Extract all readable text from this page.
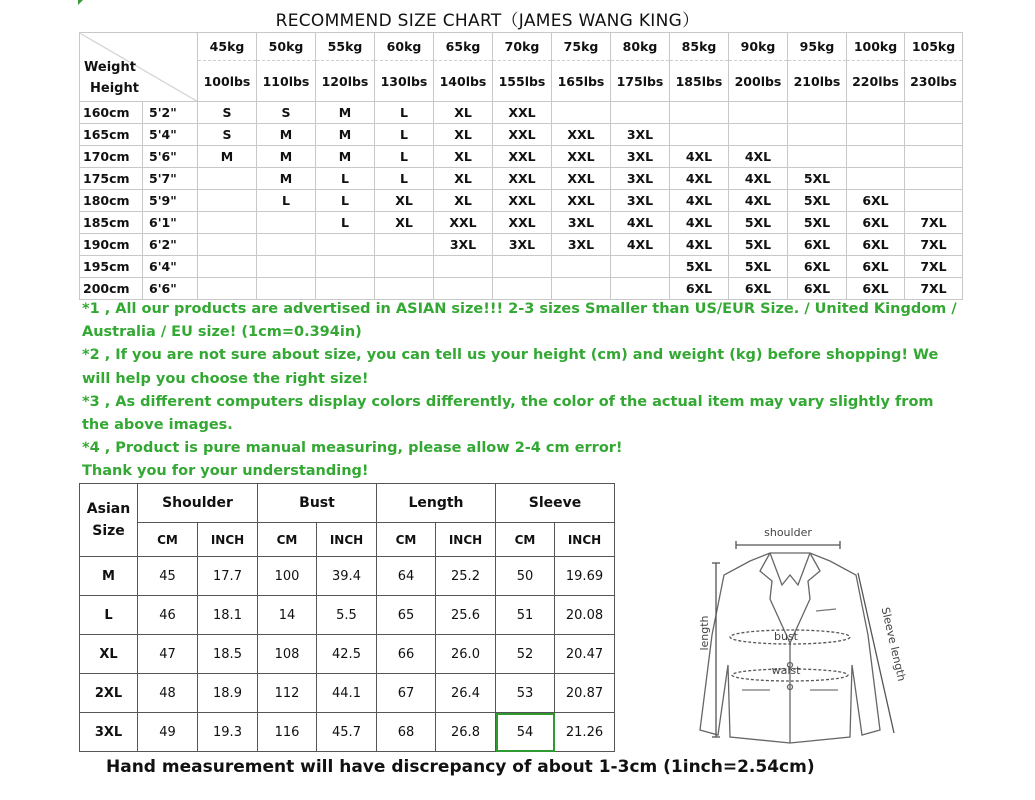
RECOMMEND SIZE CHART（JAMES WANG KING）
Weight
Height		45kg	50kg	55kg	60kg	65kg	70kg	75kg	80kg	85kg	90kg	95kg	100kg	105kg
		100lbs	110lbs	120lbs	130lbs	140lbs	155lbs	165lbs	175lbs	185lbs	200lbs	210lbs	220lbs	230lbs
160cm	5'2"	S	S	M	L	XL	XXL							
165cm	5'4"	S	M	M	L	XL	XXL	XXL	3XL					
170cm	5'6"	M	M	M	L	XL	XXL	XXL	3XL	4XL	4XL			
175cm	5'7"		M	L	L	XL	XXL	XXL	3XL	4XL	4XL	5XL		
180cm	5'9"		L	L	XL	XL	XXL	XXL	3XL	4XL	4XL	5XL	6XL	
185cm	6'1"			L	XL	XXL	XXL	3XL	4XL	4XL	5XL	5XL	6XL	7XL
190cm	6'2"					3XL	3XL	3XL	4XL	4XL	5XL	6XL	6XL	7XL
195cm	6'4"									5XL	5XL	6XL	6XL	7XL
200cm	6'6"									6XL	6XL	6XL	6XL	7XL

*1 , All our products are advertised in ASIAN size!!! 2-3 sizes Smaller than US/EUR Size. / United Kingdom / Australia / EU size! (1cm=0.394in)

*2 , If you are not sure about size, you can tell us your height (cm) and weight (kg) before shopping! We will help you choose the right size!

*3 , As different computers display colors differently, the color of the actual item may vary slightly from the above images.

*4 , Product is pure manual measuring, please allow 2-4 cm error!

Thank you for your understanding!

Asian Size	Shoulder		Bust		Length		Sleeve	
	CM	INCH	CM	INCH	CM	INCH	CM	INCH
M	45	17.7	100	39.4	64	25.2	50	19.69
L	46	18.1	14	5.5	65	25.6	51	20.08
XL	47	18.5	108	42.5	66	26.0	52	20.47
2XL	48	18.9	112	44.1	67	26.4	53	20.87
3XL	49	19.3	116	45.7	68	26.8	54	21.26
shoulder
bust
waist
length	Sleeve length
Hand measurement will have discrepancy of about 1-3cm (1inch=2.54cm)
